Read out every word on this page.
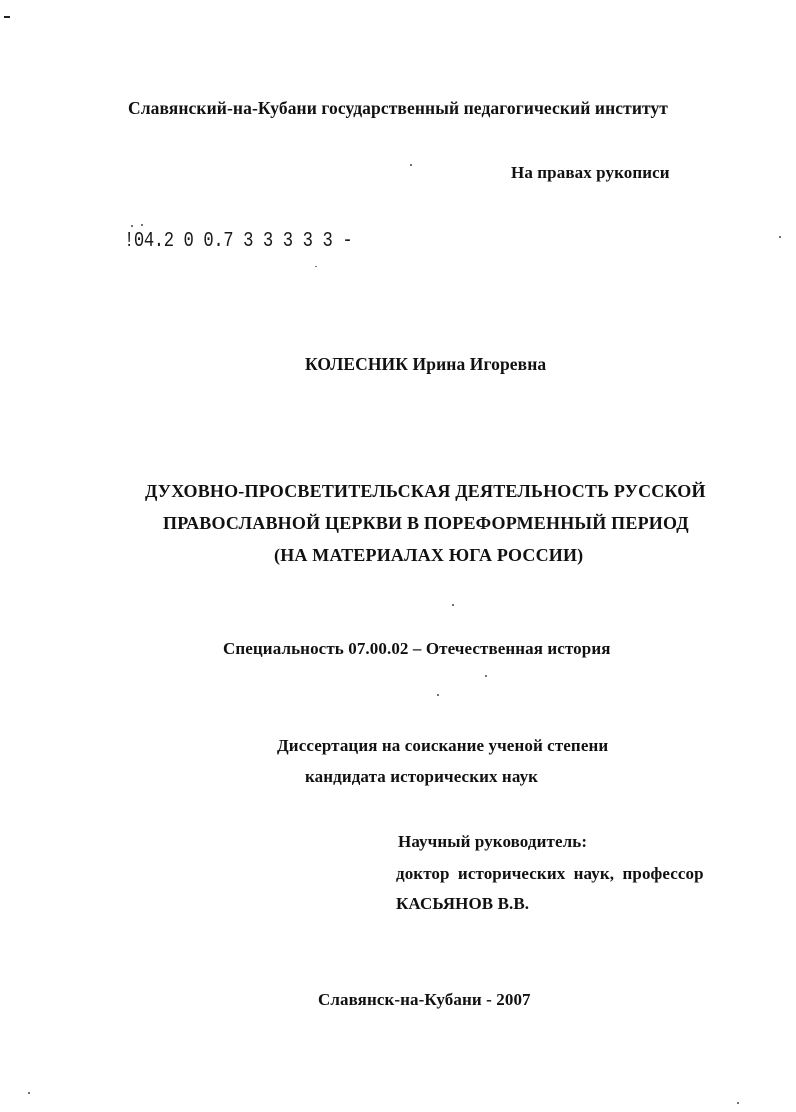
Славянский-на-Кубани государственный педагогический институт
На правах рукописи
!04.2 0 0.7 3 3 3 3 3 -
КОЛЕСНИК Ирина Игоревна
ДУХОВНО-ПРОСВЕТИТЕЛЬСКАЯ ДЕЯТЕЛЬНОСТЬ РУССКОЙ
ПРАВОСЛАВНОЙ ЦЕРКВИ В ПОРЕФОРМЕННЫЙ ПЕРИОД
(НА МАТЕРИАЛАХ ЮГА РОССИИ)
Специальность 07.00.02 – Отечественная история
Диссертация на соискание ученой степени
кандидата исторических наук
Научный руководитель:
доктор исторических наук, профессор
КАСЬЯНОВ В.В.
Славянск-на-Кубани - 2007
